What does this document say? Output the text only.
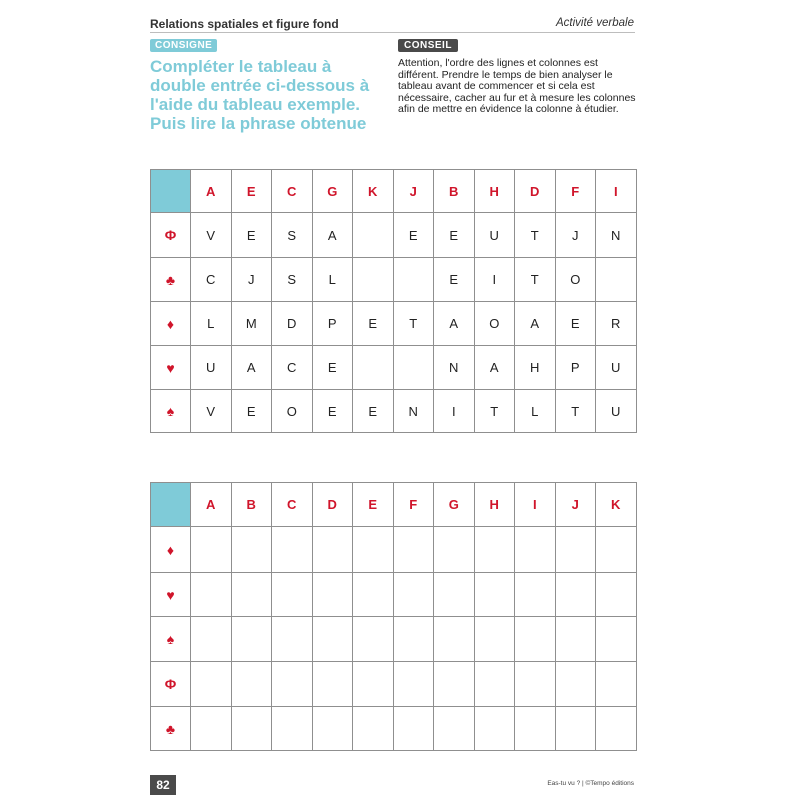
Relations spatiales et figure fond	Activité verbale
CONSIGNE
Compléter le tableau à double entrée ci-dessous à l'aide du tableau exemple. Puis lire la phrase obtenue
CONSEIL
Attention, l'ordre des lignes et colonnes est différent. Prendre le temps de bien analyser le tableau avant de commencer et si cela est nécessaire, cacher au fur et à mesure les colonnes afin de mettre en évidence la colonne à étudier.
	A	E	C	G	K	J	B	H	D	F	I
Φ	V	E	S	A		E	E	U	T	J	N
♣	C	J	S	L			E	I	T	O	
♦	L	M	D	P	E	T	A	O	A	E	R
♥	U	A	C	E			N	A	H	P	U
♠	V	E	O	E	E	N	I	T	L	T	U
	A	B	C	D	E	F	G	H	I	J	K
♦											
♥											
♠											
Φ											
♣											
82	Eas-tu vu ? | ©Tempo éditions
